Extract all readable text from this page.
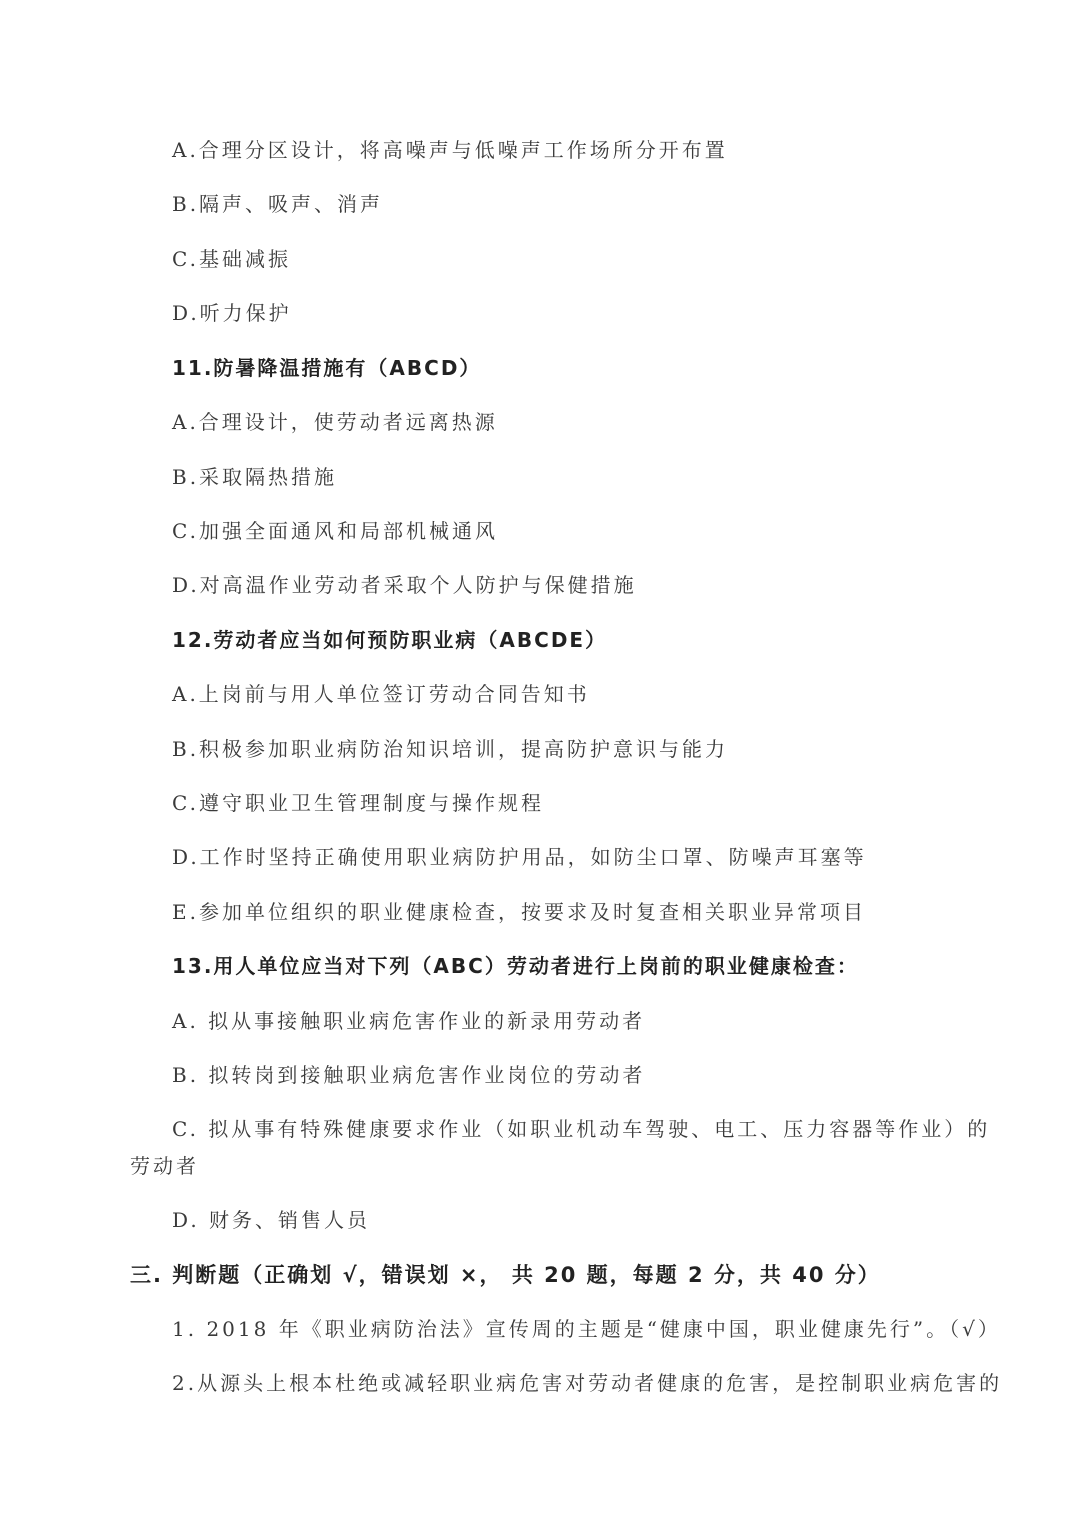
A.合理分区设计，将高噪声与低噪声工作场所分开布置
B.隔声、吸声、消声
C.基础减振
D.听力保护
11.防暑降温措施有（ABCD）
A.合理设计，使劳动者远离热源
B.采取隔热措施
C.加强全面通风和局部机械通风
D.对高温作业劳动者采取个人防护与保健措施
12.劳动者应当如何预防职业病（ABCDE）
A.上岗前与用人单位签订劳动合同告知书
B.积极参加职业病防治知识培训，提高防护意识与能力
C.遵守职业卫生管理制度与操作规程
D.工作时坚持正确使用职业病防护用品，如防尘口罩、防噪声耳塞等
E.参加单位组织的职业健康检查，按要求及时复查相关职业异常项目
13.用人单位应当对下列（ABC）劳动者进行上岗前的职业健康检查：
A. 拟从事接触职业病危害作业的新录用劳动者
B. 拟转岗到接触职业病危害作业岗位的劳动者
C. 拟从事有特殊健康要求作业（如职业机动车驾驶、电工、压力容器等作业）的
劳动者
D. 财务、销售人员
三. 判断题（正确划 √，错误划 ×， 共 20 题，每题 2 分，共 40 分）
1. 2018 年《职业病防治法》宣传周的主题是“健康中国，职业健康先行”。（√）
2.从源头上根本杜绝或减轻职业病危害对劳动者健康的危害，是控制职业病危害的
